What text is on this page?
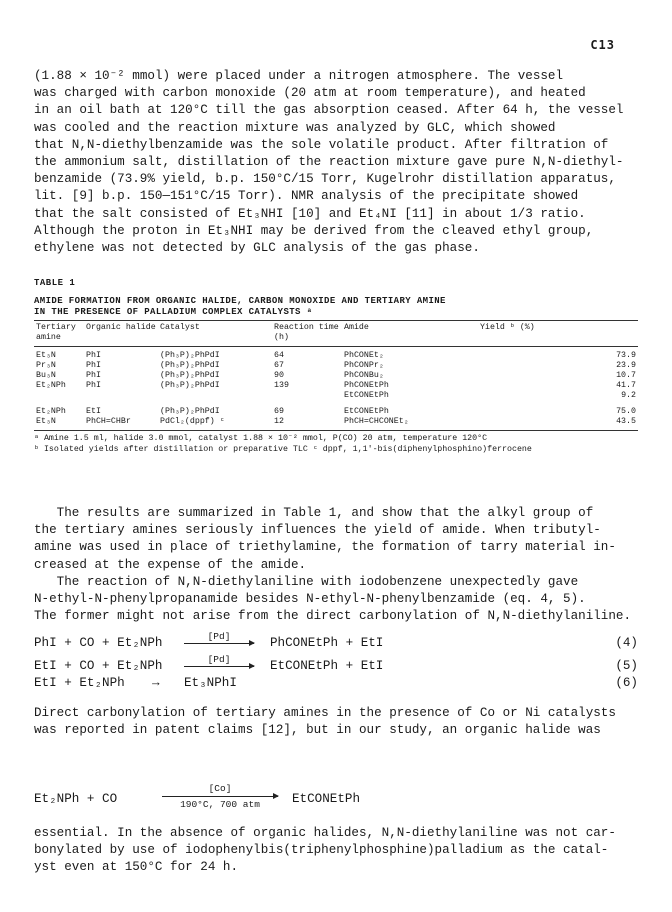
C13
(1.88 × 10⁻² mmol) were placed under a nitrogen atmosphere. The vessel
was charged with carbon monoxide (20 atm at room temperature), and heated
in an oil bath at 120°C till the gas absorption ceased. After 64 h, the vessel
was cooled and the reaction mixture was analyzed by GLC, which showed
that N,N-diethylbenzamide was the sole volatile product. After filtration of
the ammonium salt, distillation of the reaction mixture gave pure N,N-diethyl-
benzamide (73.9% yield, b.p. 150°C/15 Torr, Kugelrohr distillation apparatus,
lit. [9] b.p. 150—151°C/15 Torr). NMR analysis of the precipitate showed
that the salt consisted of Et₃NHI [10] and Et₄NI [11] in about 1/3 ratio.
Although the proton in Et₃NHI may be derived from the cleaved ethyl group,
ethylene was not detected by GLC analysis of the gas phase.
TABLE 1
AMIDE FORMATION FROM ORGANIC HALIDE, CARBON MONOXIDE AND TERTIARY AMINE
IN THE PRESENCE OF PALLADIUM COMPLEX CATALYSTS ᵃ
Tertiary amine	Organic halide	Catalyst	Reaction time (h)	Amide	Yield ᵇ (%)
Et₃N	PhI	(Ph₃P)₂PhPdI	64	PhCONEt₂	73.9
Pr₃N	PhI	(Ph₃P)₂PhPdI	67	PhCONPr₂	23.9
Bu₃N	PhI	(Ph₃P)₂PhPdI	90	PhCONBu₂	10.7
Et₂NPh	PhI	(Ph₃P)₂PhPdI	139	PhCONEtPh	41.7
				EtCONEtPh	9.2
Et₂NPh	EtI	(Ph₃P)₂PhPdI	69	EtCONEtPh	75.0
Et₃N	PhCH=CHBr	PdCl₂(dppf) ᶜ	12	PhCH=CHCONEt₂	43.5
ᵃ Amine 1.5 ml, halide 3.0 mmol, catalyst 1.88 × 10⁻² mmol, P(CO) 20 atm, temperature 120°C
ᵇ Isolated yields after distillation or preparative TLC ᶜ dppf, 1,1′-bis(diphenylphosphino)ferrocene
The results are summarized in Table 1, and show that the alkyl group of
the tertiary amines seriously influences the yield of amide. When tributyl-
amine was used in place of triethylamine, the formation of tarry material in-
creased at the expense of the amide.
The reaction of N,N-diethylaniline with iodobenzene unexpectedly gave
N-ethyl-N-phenylpropanamide besides N-ethyl-N-phenylbenzamide (eq. 4, 5).
The former might not arise from the direct carbonylation of N,N-diethylaniline.
PhI + CO + Et₂NPh	[Pd]	PhCONEtPh + EtI	(4)
EtI + CO + Et₂NPh	[Pd]	EtCONEtPh + EtI	(5)
EtI + Et₂NPh → Et₃NPhI	(6)
Direct carbonylation of tertiary amines in the presence of Co or Ni catalysts
was reported in patent claims [12], but in our study, an organic halide was
Et₂NPh + CO
[Co]
190°C, 700 atm	EtCONEtPh
essential. In the absence of organic halides, N,N-diethylaniline was not car-
bonylated by use of iodophenylbis(triphenylphosphine)palladium as the catal-
yst even at 150°C for 24 h.
